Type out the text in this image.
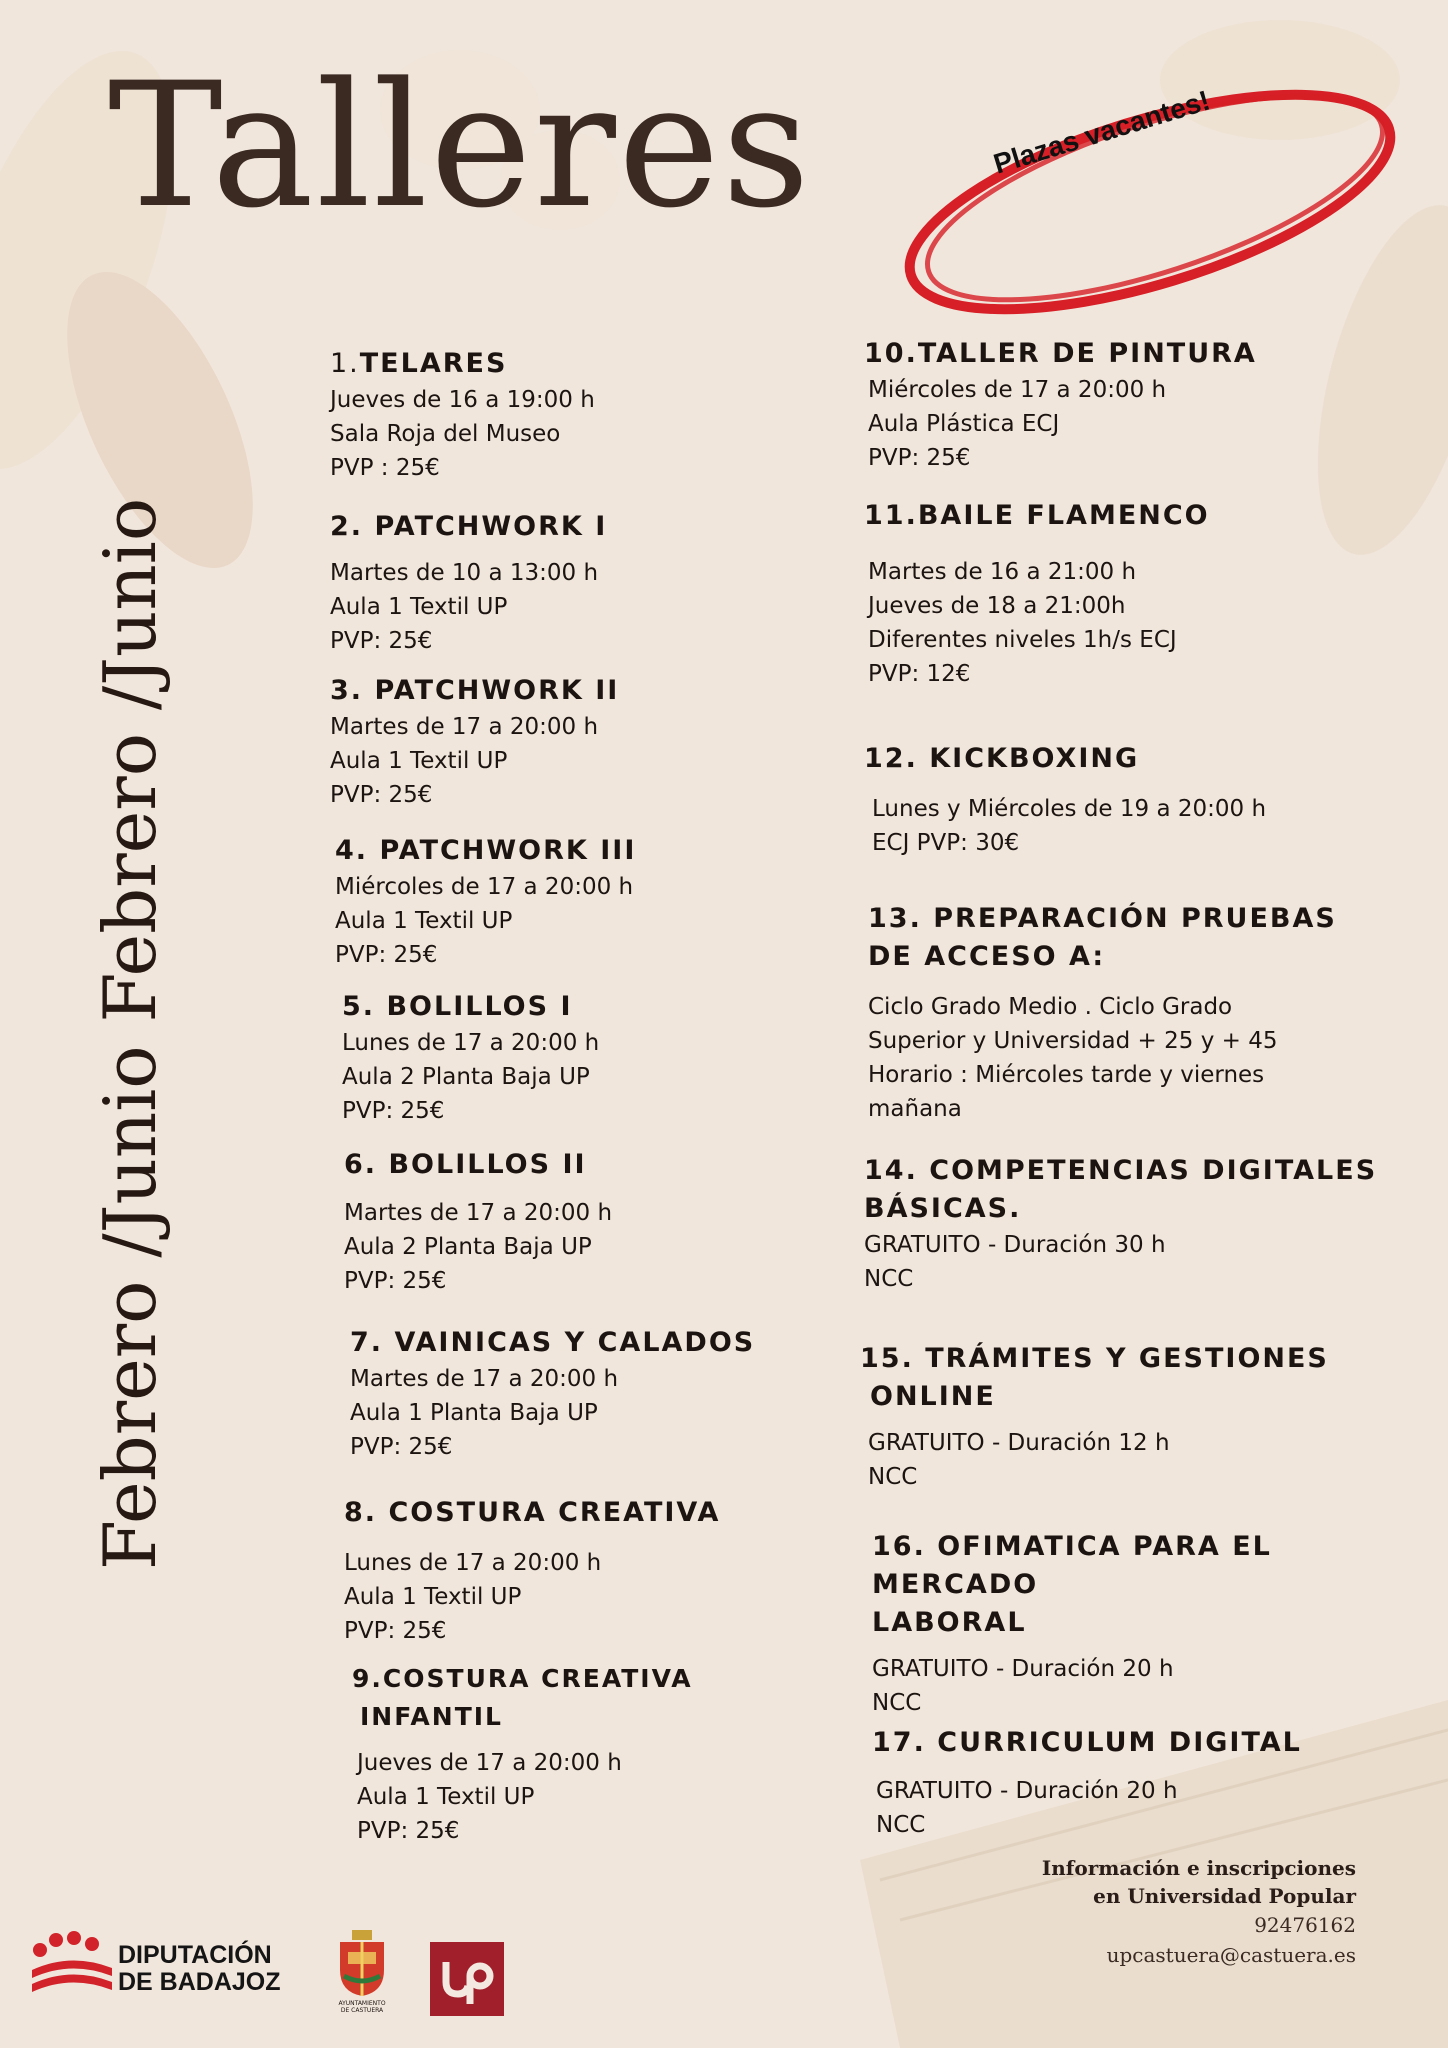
Talleres
Febrero /Junio Febrero /Junio
Plazas vacantes!
1.TELARES
Jueves de 16 a 19:00 h
Sala Roja del Museo
PVP : 25€
2. PATCHWORK I
Martes de 10 a 13:00 h
Aula 1 Textil UP
PVP: 25€
3. PATCHWORK II
Martes de 17 a 20:00 h
Aula 1 Textil UP
PVP: 25€
4. PATCHWORK III
Miércoles de 17 a 20:00 h
Aula 1 Textil UP
PVP: 25€
5. BOLILLOS I
Lunes de 17 a 20:00 h
Aula 2 Planta Baja UP
PVP: 25€
6. BOLILLOS II
Martes de 17 a 20:00 h
Aula 2 Planta Baja UP
PVP: 25€
7. VAINICAS Y CALADOS
Martes de 17 a 20:00 h
Aula 1 Planta Baja UP
PVP: 25€
8. COSTURA CREATIVA
Lunes de 17 a 20:00 h
Aula 1 Textil UP
PVP: 25€
9.COSTURA CREATIVA
INFANTIL
Jueves de 17 a 20:00 h
Aula 1 Textil UP
PVP: 25€
10.TALLER DE PINTURA
Miércoles de 17 a 20:00 h
Aula Plástica ECJ
PVP: 25€
11.BAILE FLAMENCO
Martes de 16 a 21:00 h
Jueves de 18 a 21:00h
Diferentes niveles 1h/s ECJ
PVP: 12€
12. KICKBOXING
Lunes y Miércoles de 19 a 20:00 h
ECJ PVP: 30€
13. PREPARACIÓN PRUEBAS
DE ACCESO A:
Ciclo Grado Medio . Ciclo Grado
Superior y Universidad + 25 y + 45
Horario : Miércoles tarde y viernes
mañana
14. COMPETENCIAS DIGITALES
BÁSICAS.
GRATUITO - Duración 30 h
NCC
15. TRÁMITES Y GESTIONES
ONLINE
GRATUITO - Duración 12 h
NCC
16. OFIMATICA PARA EL MERCADO
LABORAL
GRATUITO - Duración 20 h
NCC
17. CURRICULUM DIGITAL
GRATUITO - Duración 20 h
NCC
Información e inscripciones
en Universidad Popular
92476162
upcastuera@castuera.es
DIPUTACIÓN
DE BADAJOZ
AYUNTAMIENTO
DE CASTUERA
